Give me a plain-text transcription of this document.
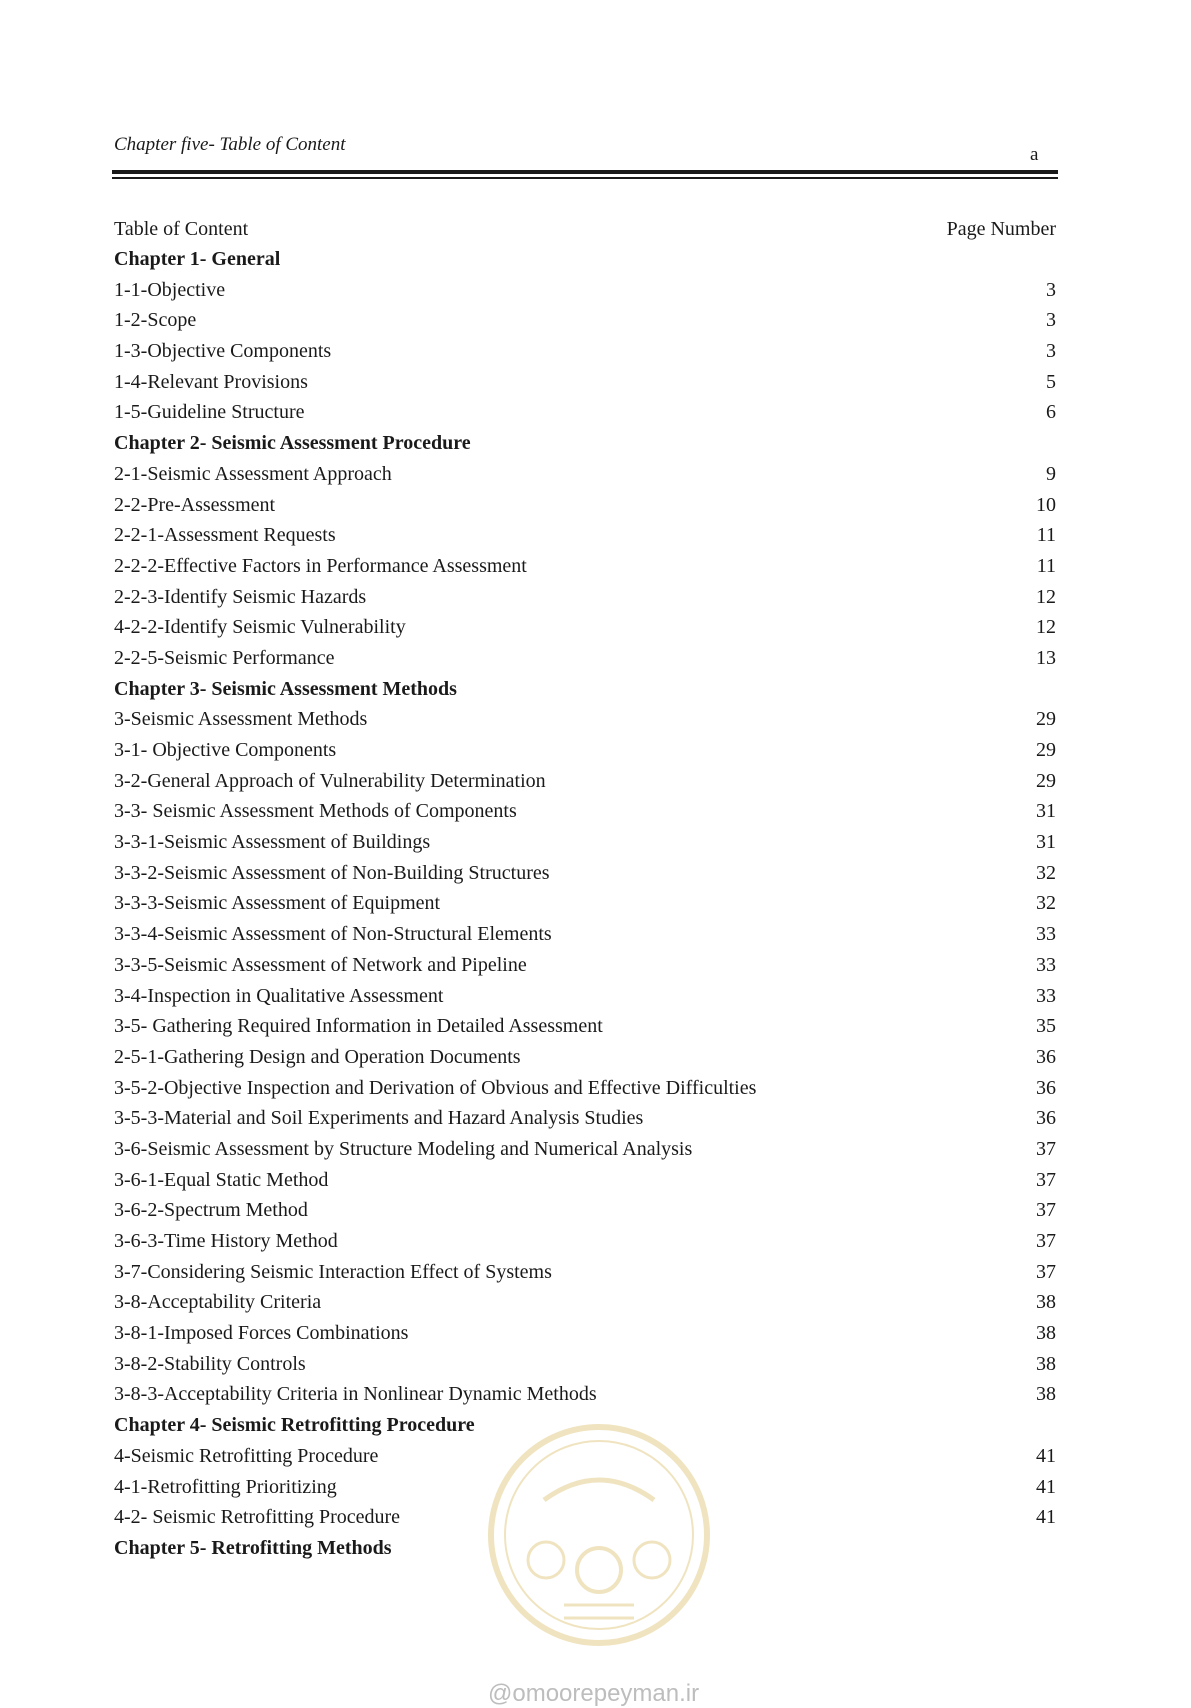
Chapter five- Table of Content	a
Table of Content	Page Number
Chapter 1- General
1-1-Objective	3
1-2-Scope	3
1-3-Objective Components	3
1-4-Relevant Provisions	5
1-5-Guideline Structure	6
Chapter 2- Seismic Assessment Procedure
2-1-Seismic Assessment Approach	9
2-2-Pre-Assessment	10
2-2-1-Assessment Requests	11
2-2-2-Effective Factors in Performance Assessment	11
2-2-3-Identify Seismic Hazards	12
4-2-2-Identify Seismic Vulnerability	12
2-2-5-Seismic Performance	13
Chapter 3- Seismic Assessment Methods
3-Seismic Assessment Methods	29
3-1- Objective Components	29
3-2-General Approach of Vulnerability Determination	29
3-3- Seismic Assessment Methods of Components	31
3-3-1-Seismic Assessment of Buildings	31
3-3-2-Seismic Assessment of Non-Building Structures	32
3-3-3-Seismic Assessment of Equipment	32
3-3-4-Seismic Assessment of Non-Structural Elements	33
3-3-5-Seismic Assessment of Network and Pipeline	33
3-4-Inspection in Qualitative Assessment	33
3-5- Gathering Required Information in Detailed Assessment	35
2-5-1-Gathering Design and Operation Documents	36
3-5-2-Objective Inspection and Derivation of Obvious and Effective Difficulties	36
3-5-3-Material and Soil Experiments and Hazard Analysis Studies	36
3-6-Seismic Assessment by Structure Modeling and Numerical Analysis	37
3-6-1-Equal Static Method	37
3-6-2-Spectrum Method	37
3-6-3-Time History Method	37
3-7-Considering Seismic Interaction Effect of Systems	37
3-8-Acceptability Criteria	38
3-8-1-Imposed Forces Combinations	38
3-8-2-Stability Controls	38
3-8-3-Acceptability Criteria in Nonlinear Dynamic Methods	38
Chapter 4- Seismic Retrofitting Procedure
4-Seismic Retrofitting Procedure	41
4-1-Retrofitting Prioritizing	41
4-2- Seismic Retrofitting Procedure	41
Chapter 5- Retrofitting Methods
@omoorepeyman.ir
